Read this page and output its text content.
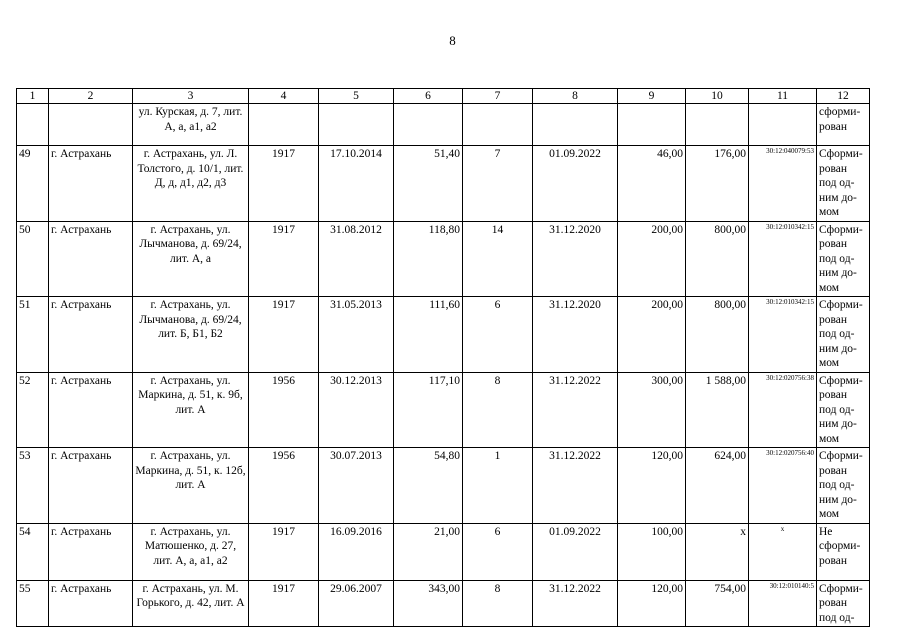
8
1	2	3	4	5	6	7	8	9	10	11	12
		ул. Курская, д. 7, лит. А, а, а1, а2									сформи-рован
49	г. Астрахань	г. Астрахань, ул. Л. Толстого, д. 10/1, лит. Д, д, д1, д2, д3	1917	17.10.2014	51,40	7	01.09.2022	46,00	176,00	30:12:040079:53	Сформи-рован под од-ним до-мом
50	г. Астрахань	г. Астрахань, ул. Лычманова, д. 69/24, лит. А, а	1917	31.08.2012	118,80	14	31.12.2020	200,00	800,00	30:12:010342:15	Сформи-рован под од-ним до-мом
51	г. Астрахань	г. Астрахань, ул. Лычманова, д. 69/24, лит. Б, Б1, Б2	1917	31.05.2013	111,60	6	31.12.2020	200,00	800,00	30:12:010342:15	Сформи-рован под од-ним до-мом
52	г. Астрахань	г. Астрахань, ул. Маркина, д. 51, к. 9б, лит. А	1956	30.12.2013	117,10	8	31.12.2022	300,00	1 588,00	30:12:020756:38	Сформи-рован под од-ним до-мом
53	г. Астрахань	г. Астрахань, ул. Маркина, д. 51, к. 12б, лит. А	1956	30.07.2013	54,80	1	31.12.2022	120,00	624,00	30:12:020756:40	Сформи-рован под од-ним до-мом
54	г. Астрахань	г. Астрахань, ул. Матюшенко, д. 27, лит. А, а, а1, а2	1917	16.09.2016	21,00	6	01.09.2022	100,00	х	х	Не сформи-рован
55	г. Астрахань	г. Астрахань, ул. М. Горького, д. 42, лит. А	1917	29.06.2007	343,00	8	31.12.2022	120,00	754,00	30:12:010140:5	Сформи-рован под од-
